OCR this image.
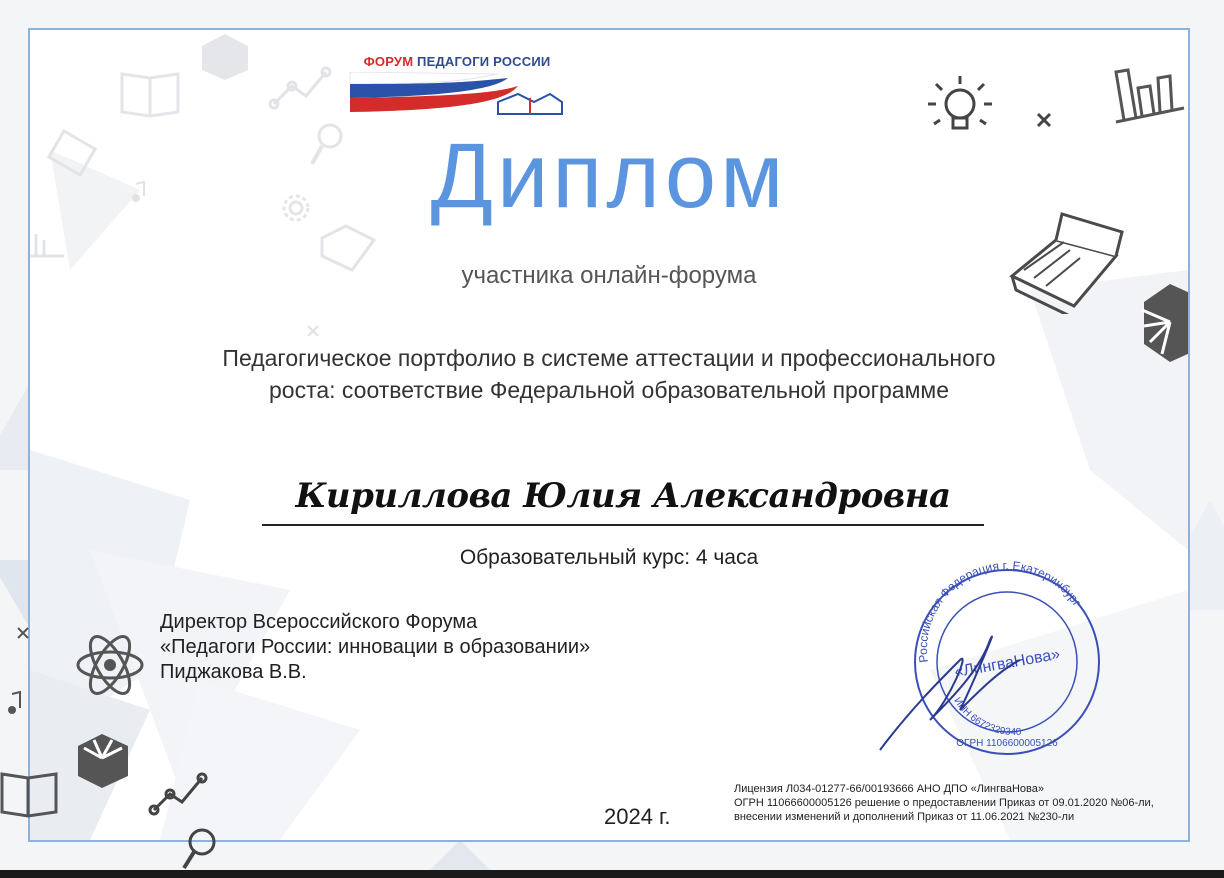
ФОРУМ ПЕДАГОГИ РОССИИ
Диплом
участника онлайн-форума
Педагогическое портфолио в системе аттестации и профессионального
роста: соответствие Федеральной образовательной программе
Кириллова Юлия Александровна
Образовательный курс: 4 часа
Директор Всероссийского Форума
«Педагоги России: инновации в образовании»
Пиджакова В.В.
Российская Федерация г. Екатеринбург
ИНН 6672329340
ОГРН 1106600005126
«ЛингваНова»
2024 г.
Лицензия Л034-01277-66/00193666 АНО ДПО «ЛингваНова»
ОГРН 11066600005126 решение о предоставлении Приказ от 09.01.2020 №06-ли,
внесении изменений и дополнений Приказ от 11.06.2021 №230-ли
